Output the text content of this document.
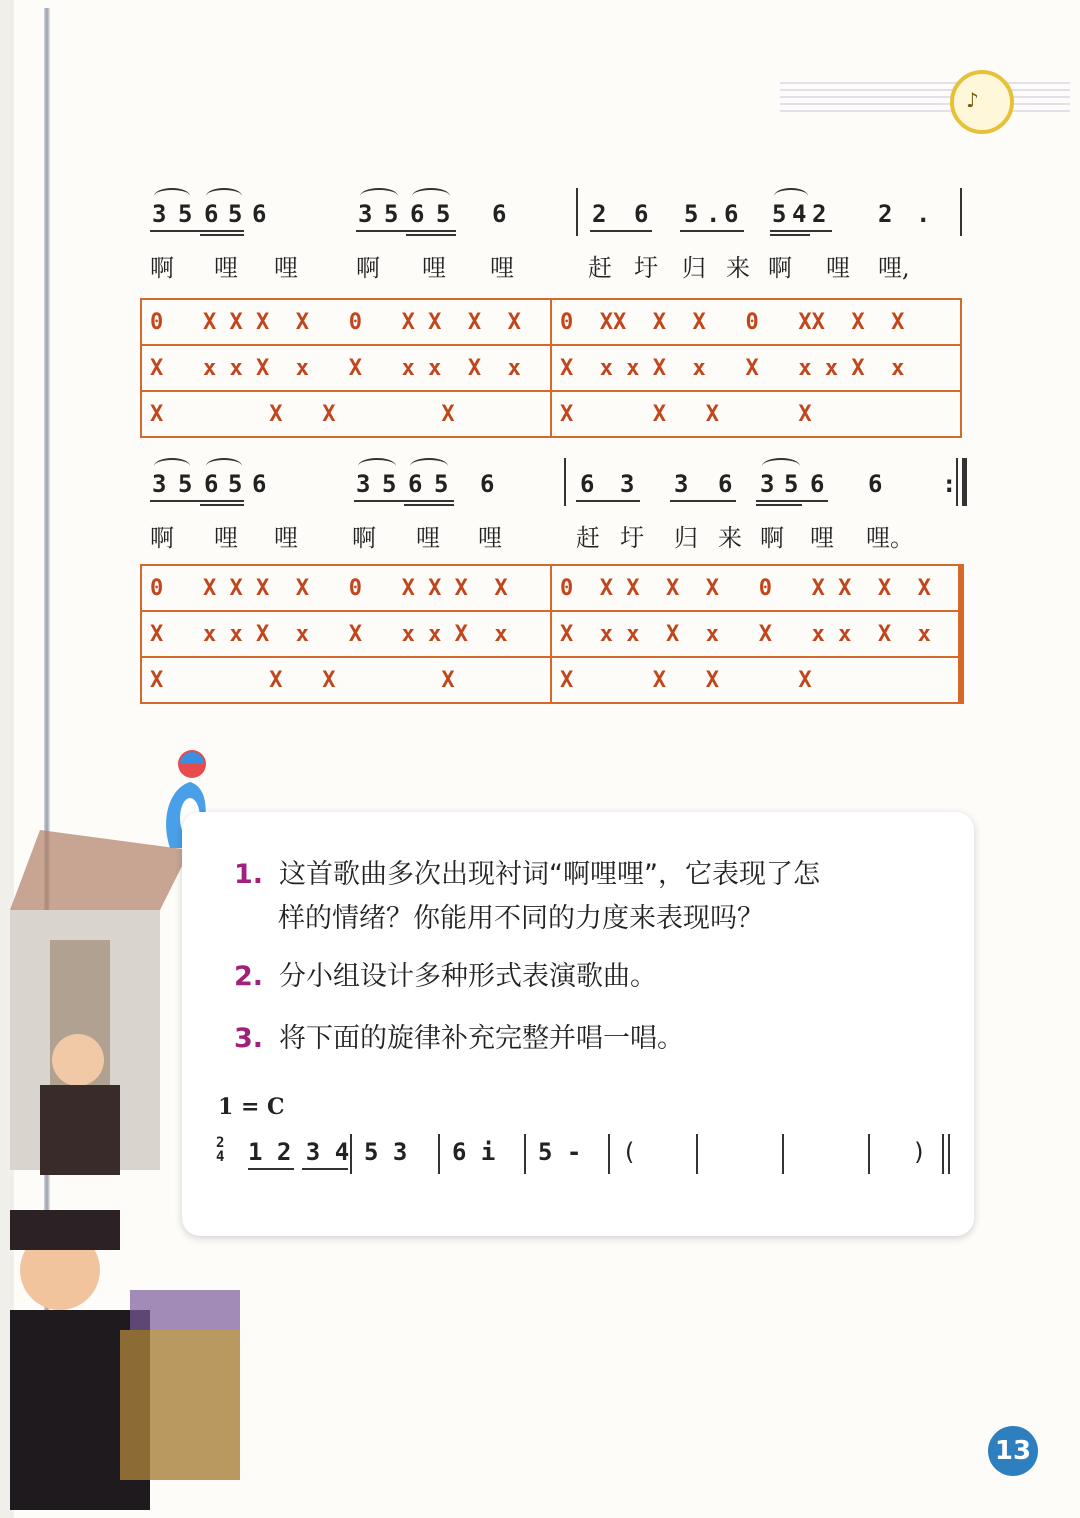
♪
3 5 6 5 6	3 5 6 5 6	2 6 5 . 6 5 4 2 2 .
啊 哩 哩 啊 哩 哩	赶 圩 归 来 啊 哩 哩,
0   X X X  X 0   X X  X  X	0  XX  X  X 0   XX  X  X
X   x x X  x X   x x  X  x	X  x x X  x X   x x X  x
X        X X        X	X      X X      X
3 5 6 5 6	3 5 6 5 6	6 3 3 6 3 5 6 6 :
啊 哩 哩 啊 哩 哩	赶 圩 归 来 啊 哩 哩。
0   X X X  X 0   X X X  X	0  X X  X  X 0   X X  X  X
X   x x X  x X   x x X  x	X  x x  X  x X   x x  X  x
X        X X        X	X      X X      X
1. 这首歌曲多次出现衬词“啊哩哩”，它表现了怎
样的情绪？你能用不同的力度来表现吗？
2. 分小组设计多种形式表演歌曲。
3. 将下面的旋律补充完整并唱一唱。
1 = C
2
4 1 2 3 4 5 3 6 i 5 - (	)
13
